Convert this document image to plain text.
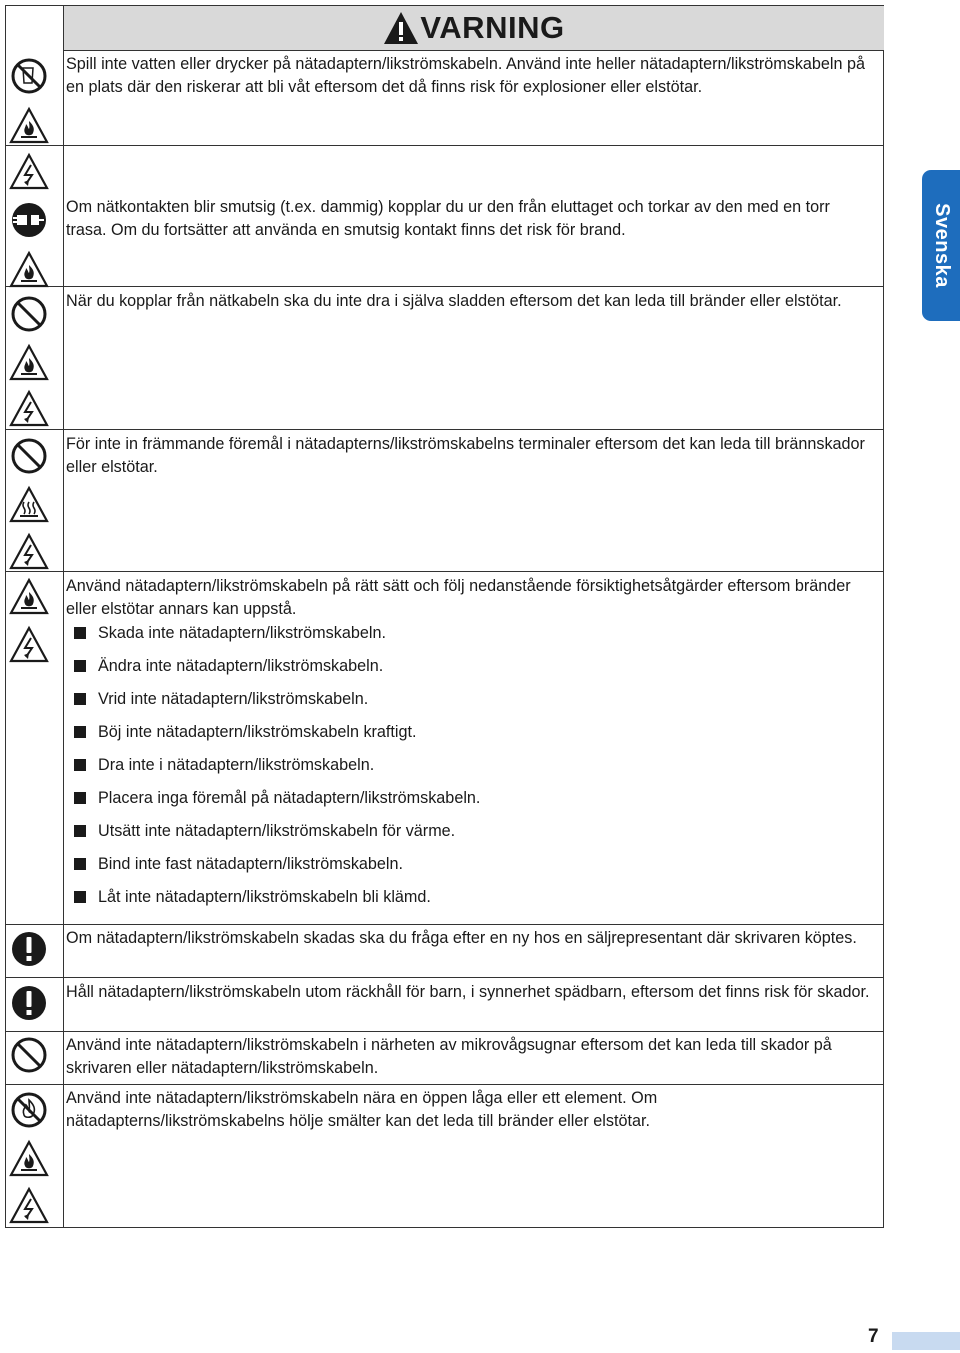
VARNING

Spill inte vatten eller drycker på nätadaptern/likströmskabeln. Använd inte heller nätadaptern/likströmskabeln på en plats där den riskerar att bli våt eftersom det då finns risk för explosioner eller elstötar.

Om nätkontakten blir smutsig (t.ex. dammig) kopplar du ur den från eluttaget och torkar av den med en torr trasa. Om du fortsätter att använda en smutsig kontakt finns det risk för brand.

När du kopplar från nätkabeln ska du inte dra i själva sladden eftersom det kan leda till bränder eller elstötar.

För inte in främmande föremål i nätadapterns/likströmskabelns terminaler eftersom det kan leda till brännskador eller elstötar.

Använd nätadaptern/likströmskabeln på rätt sätt och följ nedanstående försiktighetsåtgärder eftersom bränder eller elstötar annars kan uppstå.

Skada inte nätadaptern/likströmskabeln.
Ändra inte nätadaptern/likströmskabeln.
Vrid inte nätadaptern/likströmskabeln.
Böj inte nätadaptern/likströmskabeln kraftigt.
Dra inte i nätadaptern/likströmskabeln.
Placera inga föremål på nätadaptern/likströmskabeln.
Utsätt inte nätadaptern/likströmskabeln för värme.
Bind inte fast nätadaptern/likströmskabeln.
Låt inte nätadaptern/likströmskabeln bli klämd.

Om nätadaptern/likströmskabeln skadas ska du fråga efter en ny hos en säljrepresentant där skrivaren köptes.

Håll nätadaptern/likströmskabeln utom räckhåll för barn, i synnerhet spädbarn, eftersom det finns risk för skador.

Använd inte nätadaptern/likströmskabeln i närheten av mikrovågsugnar eftersom det kan leda till skador på skrivaren eller nätadaptern/likströmskabeln.

Använd inte nätadaptern/likströmskabeln nära en öppen låga eller ett element. Om nätadapterns/likströmskabelns hölje smälter kan det leda till bränder eller elstötar.

Svenska
7
